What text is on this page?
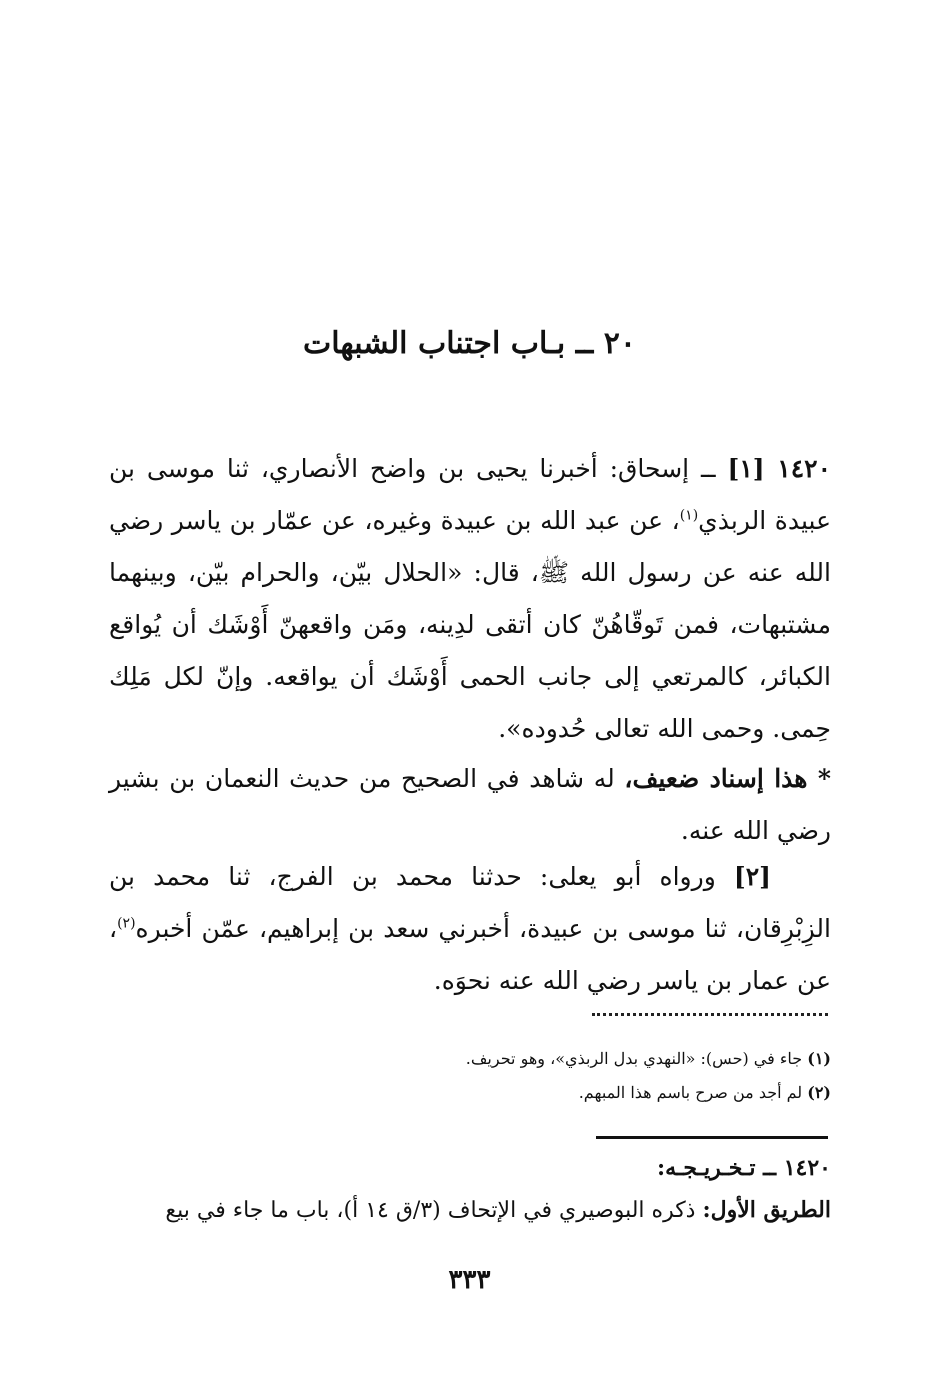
٢٠ ــ بـاب اجتناب الشبهات

١٤٢٠ [١] ــ إسحاق: أخبرنا يحيى بن واضح الأنصاري، ثنا موسى بن عبيدة الربذي$^{(١)}$، عن عبد الله بن عبيدة وغيره، عن عمّار بن ياسر رضي الله عنه عن رسول الله ﷺ، قال: «الحلال بيّن، والحرام بيّن، وبينهما مشتبهات، فمن تَوقّاهُنّ كان أتقى لدِينه، ومَن واقعهنّ أَوْشَك أن يُواقع الكبائر، كالمرتعي إلى جانب الحمى أَوْشَك أن يواقعه. وإنّ لكل مَلِك حِمى. وحمى الله تعالى حُدوده».

* هذا إسناد ضعيف، له شاهد في الصحيح من حديث النعمان بن بشير رضي الله عنه.

[٢] ورواه أبو يعلى: حدثنا محمد بن الفرج، ثنا محمد بن الزِبْرِقان، ثنا موسى بن عبيدة، أخبرني سعد بن إبراهيم، عمّن أخبره$^{(٢)}$، عن عمار بن ياسر رضي الله عنه نحوَه.

(١) جاء في (حس): «النهدي بدل الربذي»، وهو تحريف.
(٢) لم أجد من صرح باسم هذا المبهم.
١٤٢٠ ــ تـخـريـجـه:
الطريق الأول: ذكره البوصيري في الإتحاف (٣/ق ١٤ أ)، باب ما جاء في بيع
٣٣٣
